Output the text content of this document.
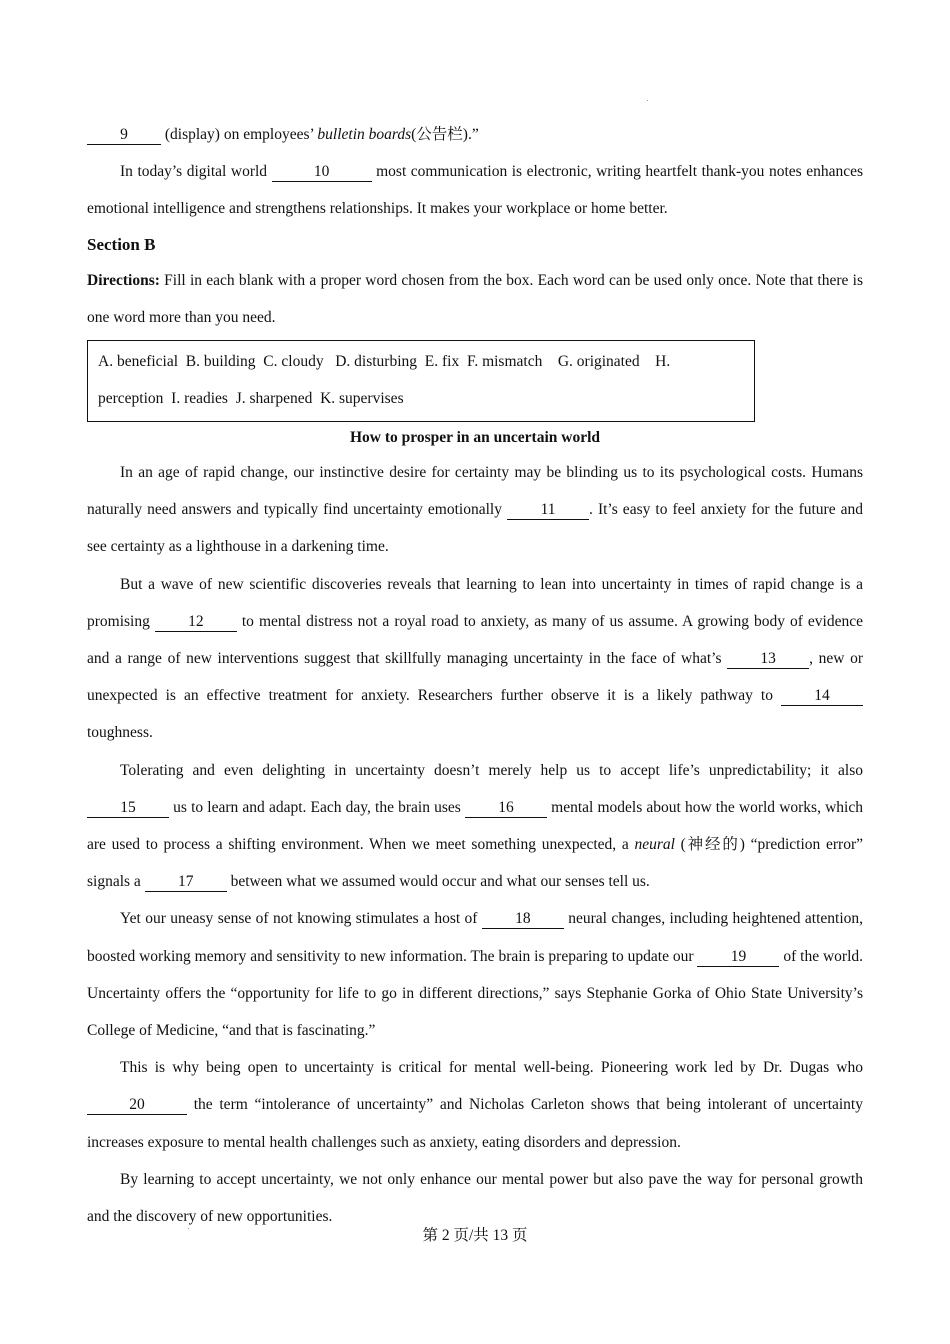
9 (display) on employees’ bulletin boards(公告栏).”

In today’s digital world	10	most communication is electronic, writing heartfelt thank-you notes enhances emotional intelligence and strengthens relationships. It makes your workplace or home better.

Section B

Directions: Fill in each blank with a proper word chosen from the box. Each word can be used only once. Note that there is one word more than you need.

A. beneficial  B. building  C. cloudy   D. disturbing  E. fix  F. mismatch    G. originated    H.

perception  I. readies  J. sharpened  K. supervises

How to prosper in an uncertain world

In an age of rapid change, our instinctive desire for certainty may be blinding us to its psychological costs. Humans naturally need answers and typically find uncertainty emotionally 11 . It’s easy to feel anxiety for the future and see certainty as a lighthouse in a darkening time.

But a wave of new scientific discoveries reveals that learning to lean into uncertainty in times of rapid change is a promising 12 to mental distress not a royal road to anxiety, as many of us assume. A growing body of evidence and a range of new interventions suggest that skillfully managing uncertainty in the face of what’s 13 , new or unexpected is an effective treatment for anxiety. Researchers further observe it is a likely pathway to 14 toughness.

Tolerating and even delighting in uncertainty doesn’t merely help us to accept life’s unpredictability; it also 15 us to learn and adapt. Each day, the brain uses 16 mental models about how the world works, which are used to process a shifting environment. When we meet something unexpected, a neural (神经的) “prediction error” signals a 17 between what we assumed would occur and what our senses tell us.

Yet our uneasy sense of not knowing stimulates a host of 18 neural changes, including heightened attention, boosted working memory and sensitivity to new information. The brain is preparing to update our 19 of the world. Uncertainty offers the “opportunity for life to go in different directions,” says Stephanie Gorka of Ohio State University’s College of Medicine, “and that is fascinating.”

This is why being open to uncertainty is critical for mental well-being. Pioneering work led by Dr. Dugas who 20	the term “intolerance of uncertainty” and Nicholas Carleton shows that being intolerant of uncertainty increases exposure to mental health challenges such as anxiety, eating disorders and depression.

By learning to accept uncertainty, we not only enhance our mental power but also pave the way for personal growth and the discovery of new opportunities.

第 2 页/共 13 页
